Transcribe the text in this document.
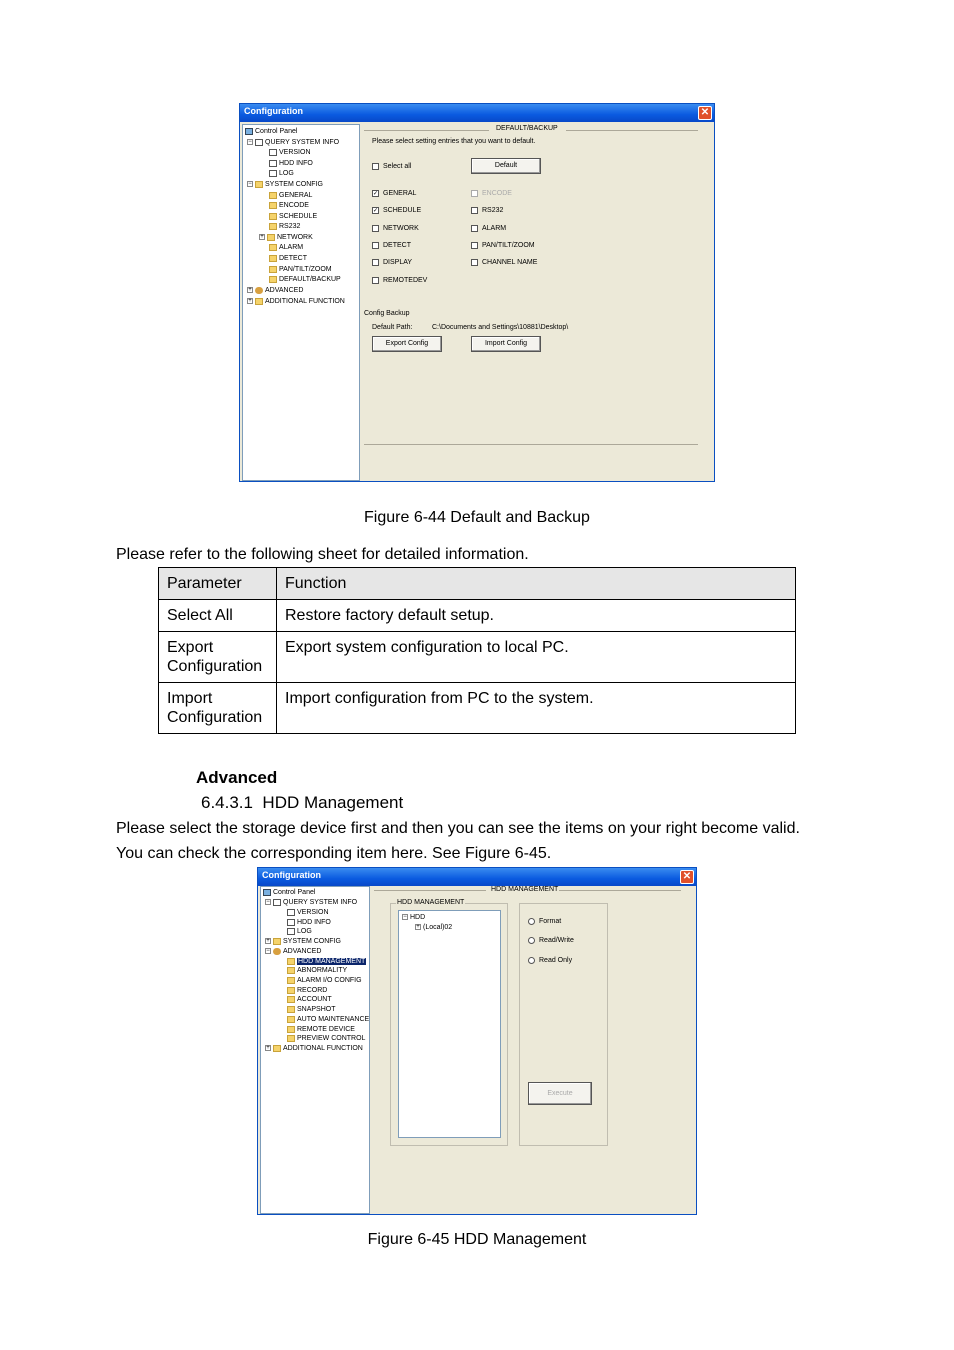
Configuration	✕
Control Panel
− QUERY SYSTEM INFO
VERSION
HDD INFO
LOG
− SYSTEM CONFIG
GENERAL
ENCODE
SCHEDULE
RS232
+ NETWORK
ALARM
DETECT
PAN/TILT/ZOOM
DEFAULT/BACKUP
+ ADVANCED
+ ADDITIONAL FUNCTION
DEFAULT/BACKUP
Please select setting entries that you want to default.
Select all	Default
✓ GENERAL
✓ SCHEDULE
NETWORK
DETECT
DISPLAY
REMOTEDEV
ENCODE
RS232
ALARM
PAN/TILT/ZOOM
CHANNEL NAME
Config Backup
Default Path:	C:\Documents and Settings\10881\Desktop\
Export Config	Import Config
Figure 6-44 Default and Backup
Please refer to the following sheet for detailed information.
Parameter	Function
Select All	Restore factory default setup.
Export Configuration	Export system configuration to local PC.
Import Configuration	Import configuration from PC to the system.
Advanced
6.4.3.1  HDD Management
Please select the storage device first and then you can see the items on your right become valid.
You can check the corresponding item here. See Figure 6-45.
Configuration	✕
Control Panel
− QUERY SYSTEM INFO
VERSION
HDD INFO
LOG
+ SYSTEM CONFIG
− ADVANCED
HDD MANAGEMENT
ABNORMALITY
ALARM I/O CONFIG
RECORD
ACCOUNT
SNAPSHOT
AUTO MAINTENANCE
REMOTE DEVICE
PREVIEW CONTROL
+ ADDITIONAL FUNCTION
HDD MANAGEMENT
HDD MANAGEMENT
− HDD
+ (Local)02
Format
Read/Write
Read Only
Execute
Figure 6-45 HDD Management
